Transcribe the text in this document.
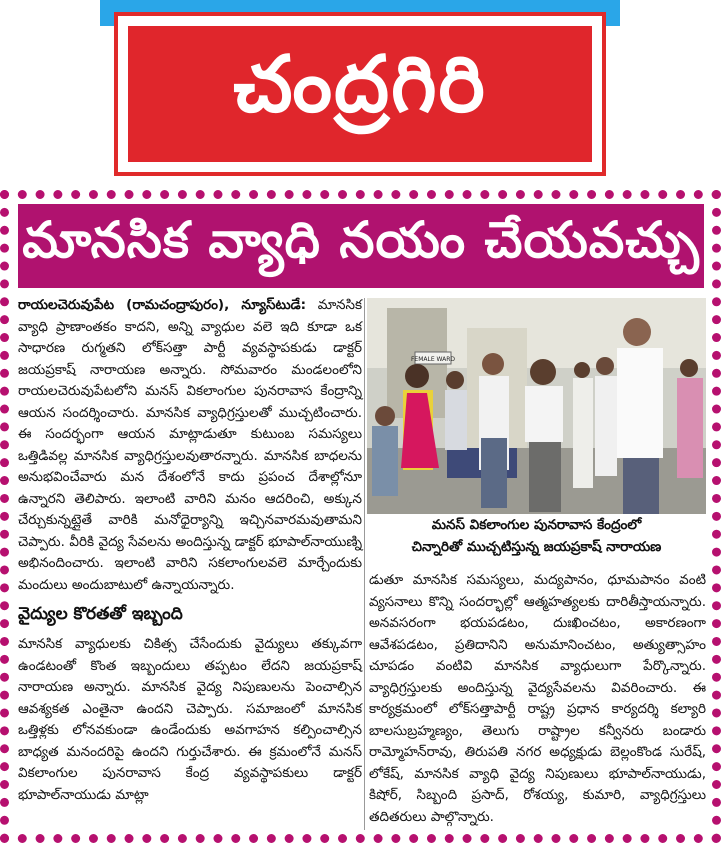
చంద్రగిరి
మానసిక వ్యాధి నయం చేయవచ్చు

రాయలచెరువుపేట (రామచంద్రాపురం), న్యూస్‌టుడే: మానసిక వ్యాధి ప్రాణాంతకం కాదని, అన్ని వ్యాధుల వలె ఇది కూడా ఒక సాధారణ రుగ్మతని లోక్‌సత్తా పార్టీ వ్యవస్థాపకుడు డాక్టర్ జయప్రకాష్ నారాయణ అన్నారు. సోమవారం మండలంలోని రాయలచెరువుపేటలోని మనస్ వికలాంగుల పునరావాస కేంద్రాన్ని ఆయన సందర్శించారు. మానసిక వ్యాధిగ్రస్తులతో ముచ్చటించారు. ఈ సందర్భంగా ఆయన మాట్లాడుతూ కుటుంబ సమస్యలు ఒత్తిడివల్ల మానసిక వ్యాధిగ్రస్తులవుతారన్నారు. మానసిక బాధలను అనుభవించేవారు మన దేశంలోనే కాదు ప్రపంచ దేశాల్లోనూ ఉన్నారని తెలిపారు. ఇలాంటి వారిని మనం ఆదరించి, అక్కున చేర్చుకున్నట్లైతే వారికి మనోధైర్యాన్ని ఇచ్చినవారమవుతామని చెప్పారు. వీరికి వైద్య సేవలను అందిస్తున్న డాక్టర్ భూపాల్‌నాయుణ్ని అభినందించారు. ఇలాంటి వారిని సకలాంగులవలె మార్చేందుకు మందులు అందుబాటులో ఉన్నాయన్నారు.

వైద్యుల కొరతతో ఇబ్బంది

మానసిక వ్యాధులకు చికిత్స చేసేందుకు వైద్యులు తక్కువగా ఉండటంతో కొంత ఇబ్బందులు తప్పటం లేదని జయప్రకాష్ నారాయణ అన్నారు. మానసిక వైద్య నిపుణులను పెంచాల్సిన ఆవశ్యకత ఎంతైనా ఉందని చెప్పారు. సమాజంలో మానసిక ఒత్తిళ్లకు లోనవకుండా ఉండేందుకు అవగాహన కల్పించాల్సిన బాధ్యత మనందరిపై ఉందని గుర్తుచేశారు. ఈ క్రమంలోనే మనస్ వికలాంగుల పునరావాస కేంద్ర వ్యవస్థాపకులు డాక్టర్ భూపాల్‌నాయుడు మాట్లా

FEMALE WARD
మనస్ వికలాంగుల పునరావాస కేంద్రంలో
చిన్నారితో ముచ్చటిస్తున్న జయప్రకాష్ నారాయణ

డుతూ మానసిక సమస్యలు, మద్యపానం, ధూమపానం వంటి వ్యసనాలు కొన్ని సందర్భాల్లో ఆత్మహత్యలకు దారితీస్తాయన్నారు. అనవసరంగా భయపడటం, దుఃఖించటం, అకారణంగా ఆవేశపడటం, ప్రతిదానిని అనుమానించటం, అత్యుత్సాహం చూపడం వంటివి మానసిక వ్యాధులుగా పేర్కొన్నారు. వ్యాధిగ్రస్తులకు అందిస్తున్న వైద్యసేవలను వివరించారు. ఈ కార్యక్రమంలో లోక్‌సత్తాపార్టీ రాష్ట్ర ప్రధాన కార్యదర్శి కల్యారి బాలసుబ్రహ్మణ్యం, తెలుగు రాష్ట్రాల కన్వీనరు బండారు రామ్మోహన్‌రావు, తిరుపతి నగర అధ్యక్షుడు బెల్లంకొండ సురేష్, లోకేష్, మానసిక వ్యాధి వైద్య నిపుణులు భూపాల్‌నాయుడు, కిషోర్, సిబ్బంది ప్రసాద్, రోశయ్య, కుమారి, వ్యాధిగ్రస్తులు తదితరులు పాల్గొన్నారు.
